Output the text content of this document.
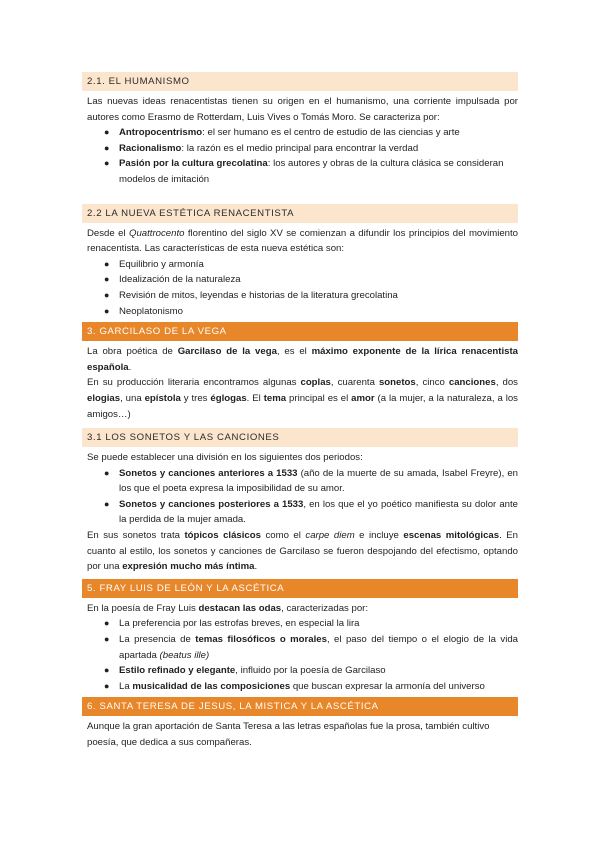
2.1. EL HUMANISMO

Las nuevas ideas renacentistas tienen su origen en el humanismo, una corriente impulsada por autores como Erasmo de Rotterdam, Luis Vives o Tomás Moro. Se caracteriza por:

● Antropocentrismo: el ser humano es el centro de estudio de las ciencias y arte
● Racionalismo: la razón es el medio principal para encontrar la verdad
● Pasión por la cultura grecolatina: los autores y obras de la cultura clásica se consideran modelos de imitación
2.2 LA NUEVA ESTÉTICA RENACENTISTA

Desde el Quattrocento florentino del siglo XV se comienzan a difundir los principios del movimiento renacentista. Las características de esta nueva estética son:

● Equilibrio y armonía
● Idealización de la naturaleza
● Revisión de mitos, leyendas e historias de la literatura grecolatina
● Neoplatonismo
3. GARCILASO DE LA VEGA

La obra poética de Garcilaso de la vega, es el máximo exponente de la lírica renacentista española.

En su producción literaria encontramos algunas coplas, cuarenta sonetos, cinco canciones, dos elogias, una epístola y tres églogas. El tema principal es el amor (a la mujer, a la naturaleza, a los amigos…)

3.1 LOS SONETOS Y LAS CANCIONES

Se puede establecer una división en los siguientes dos periodos:

● Sonetos y canciones anteriores a 1533 (año de la muerte de su amada, Isabel Freyre), en los que el poeta expresa la imposibilidad de su amor.
● Sonetos y canciones posteriores a 1533, en los que el yo poético manifiesta su dolor ante la perdida de la mujer amada.

En sus sonetos trata tópicos clásicos como el carpe diem e incluye escenas mitológicas. En cuanto al estilo, los sonetos y canciones de Garcilaso se fueron despojando del efectismo, optando por una expresión mucho más íntima.

5. FRAY LUIS DE LEÓN Y LA ASCÉTICA

En la poesía de Fray Luis destacan las odas, caracterizadas por:

● La preferencia por las estrofas breves, en especial la lira
● La presencia de temas filosóficos o morales, el paso del tiempo o el elogio de la vida apartada (beatus ille)
● Estilo refinado y elegante, influido por la poesía de Garcilaso
● La musicalidad de las composiciones que buscan expresar la armonía del universo
6. SANTA TERESA DE JESUS, LA MISTICA Y LA ASCÉTICA

Aunque la gran aportación de Santa Teresa a las letras españolas fue la prosa, también cultivo poesía, que dedica a sus compañeras.
